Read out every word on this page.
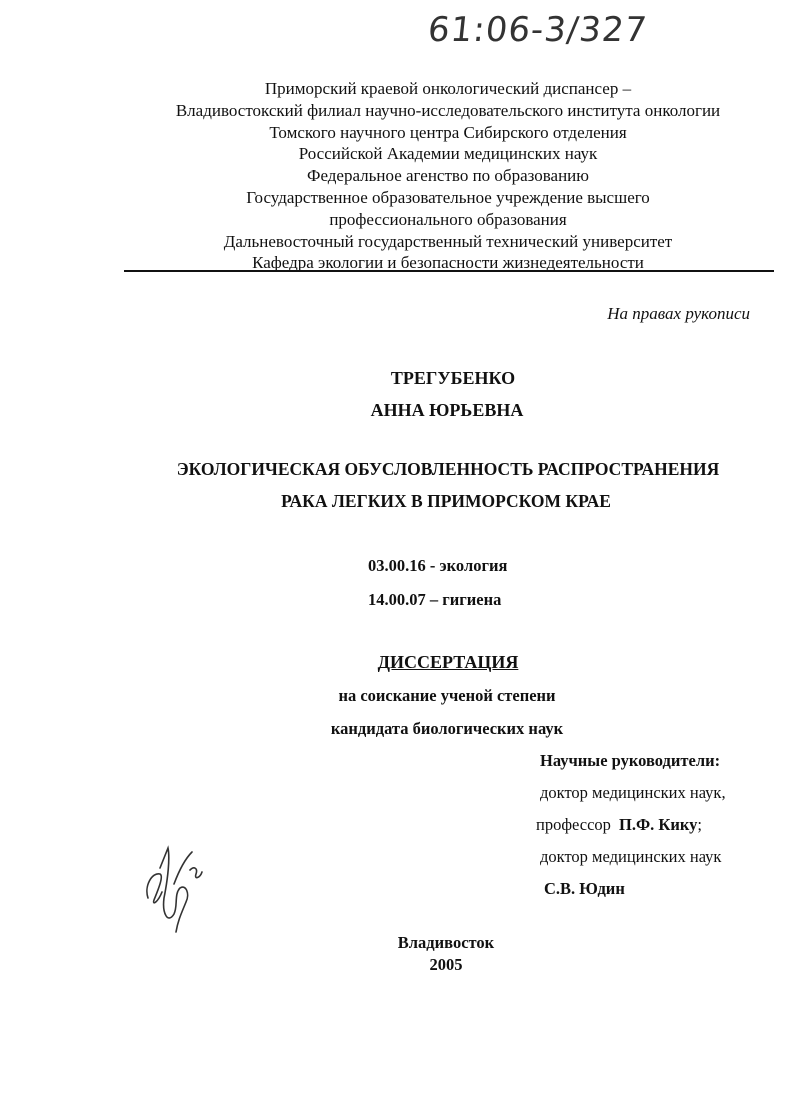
61:06-3/327
Приморский краевой онкологический диспансер –
Владивостокский филиал научно-исследовательского института онкологии
Томского научного центра Сибирского отделения
Российской Академии медицинских наук
Федеральное агенство по образованию
Государственное образовательное учреждение высшего
профессионального образования
Дальневосточный государственный технический университет
Кафедра экологии и безопасности жизнедеятельности
На правах рукописи
ТРЕГУБЕНКО
АННА ЮРЬЕВНА
ЭКОЛОГИЧЕСКАЯ ОБУСЛОВЛЕННОСТЬ РАСПРОСТРАНЕНИЯ
РАКА ЛЕГКИХ В ПРИМОРСКОМ КРАЕ
03.00.16 - экология
14.00.07 – гигиена
ДИССЕРТАЦИЯ
на соискание ученой степени
кандидата биологических наук
Научные руководители:
доктор медицинских наук,
профессор П.Ф. Кику;
доктор медицинских наук
С.В. Юдин
Владивосток
2005
